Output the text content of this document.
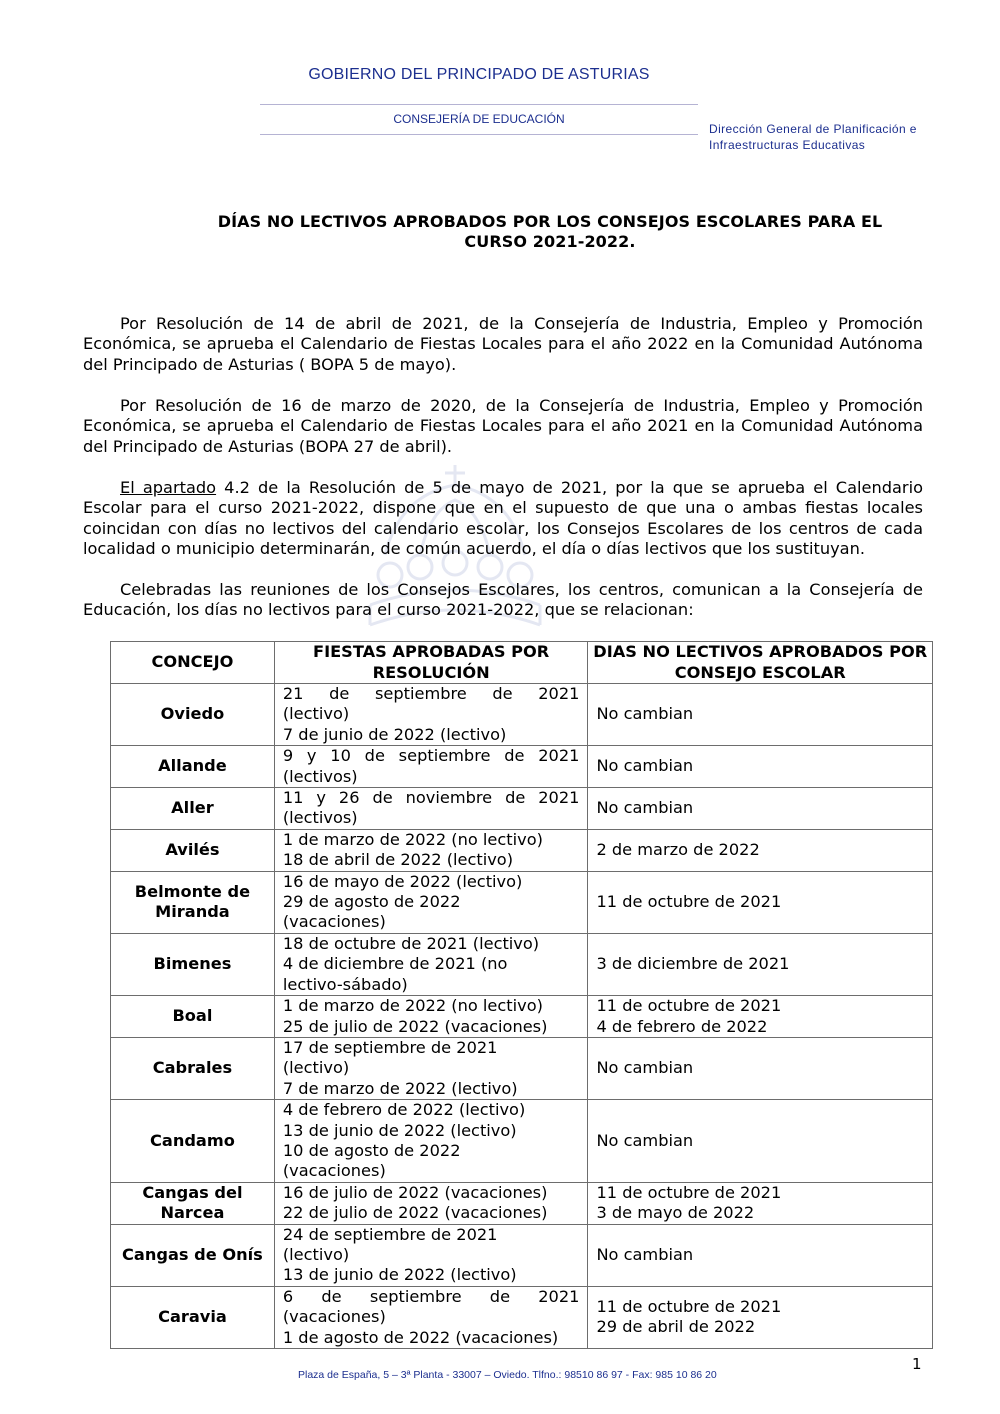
GOBIERNO DEL PRINCIPADO DE ASTURIAS
CONSEJERÍA DE EDUCACIÓN
Dirección General de Planificación e
Infraestructuras Educativas
DÍAS NO LECTIVOS APROBADOS POR LOS CONSEJOS ESCOLARES PARA EL
CURSO 2021-2022.

Por Resolución de 14 de abril de 2021, de la Consejería de Industria, Empleo y Promoción Económica, se aprueba el Calendario de Fiestas Locales para el año 2022 en la Comunidad Autónoma del Principado de Asturias ( BOPA 5 de mayo).

Por Resolución de 16 de marzo de 2020, de la Consejería de Industria, Empleo y Promoción Económica, se aprueba el Calendario de Fiestas Locales para el año 2021 en la Comunidad Autónoma del Principado de Asturias (BOPA 27 de abril).

El apartado 4.2 de la Resolución de 5 de mayo de 2021, por la que se aprueba el Calendario Escolar para el curso 2021-2022, dispone que en el supuesto de que una o ambas fiestas locales coincidan con días no lectivos del calendario escolar, los Consejos Escolares de los centros de cada localidad o municipio determinarán, de común acuerdo, el día o días lectivos que los sustituyan.

Celebradas las reuniones de los Consejos Escolares, los centros, comunican a la Consejería de Educación, los días no lectivos para el curso 2021-2022, que se relacionan:

CONCEJO	FIESTAS APROBADAS POR RESOLUCIÓN	DIAS NO LECTIVOS APROBADOS POR CONSEJO ESCOLAR
Oviedo	21 de septiembre de 2021
(lectivo)
7 de junio de 2022 (lectivo)	No cambian

Allande	9 y 10 de septiembre de 2021
(lectivos)	No cambian

Aller	11 y 26 de noviembre de 2021
(lectivos)	No cambian

Avilés	1 de marzo de 2022 (no lectivo)
18 de abril de 2022 (lectivo)	2 de marzo de 2022

Belmonte de Miranda	16 de mayo de 2022 (lectivo)
29 de agosto de 2022
(vacaciones)	11 de octubre de 2021

Bimenes	18 de octubre de 2021 (lectivo)
4 de diciembre de 2021 (no
lectivo-sábado)	3 de diciembre de 2021

Boal	1 de marzo de 2022 (no lectivo)
25 de julio de 2022 (vacaciones)	11 de octubre de 2021
4 de febrero de 2022

Cabrales	17 de septiembre de 2021
(lectivo)
7 de marzo de 2022 (lectivo)	No cambian

Candamo	4 de febrero de 2022 (lectivo)
13 de junio de 2022 (lectivo)
10 de agosto de 2022
(vacaciones)	No cambian

Cangas del Narcea	16 de julio de 2022 (vacaciones)
22 de julio de 2022 (vacaciones)	11 de octubre de 2021
3 de mayo de 2022

Cangas de Onís	24 de septiembre de 2021
(lectivo)
13 de junio de 2022 (lectivo)	No cambian

Caravia	6 de septiembre de 2021
(vacaciones)
1 de agosto de 2022 (vacaciones)	11 de octubre de 2021
29 de abril de 2022
Plaza de España, 5 – 3ª Planta - 33007 – Oviedo. Tlfno.: 98510 86 97 - Fax: 985 10 86 20
1
